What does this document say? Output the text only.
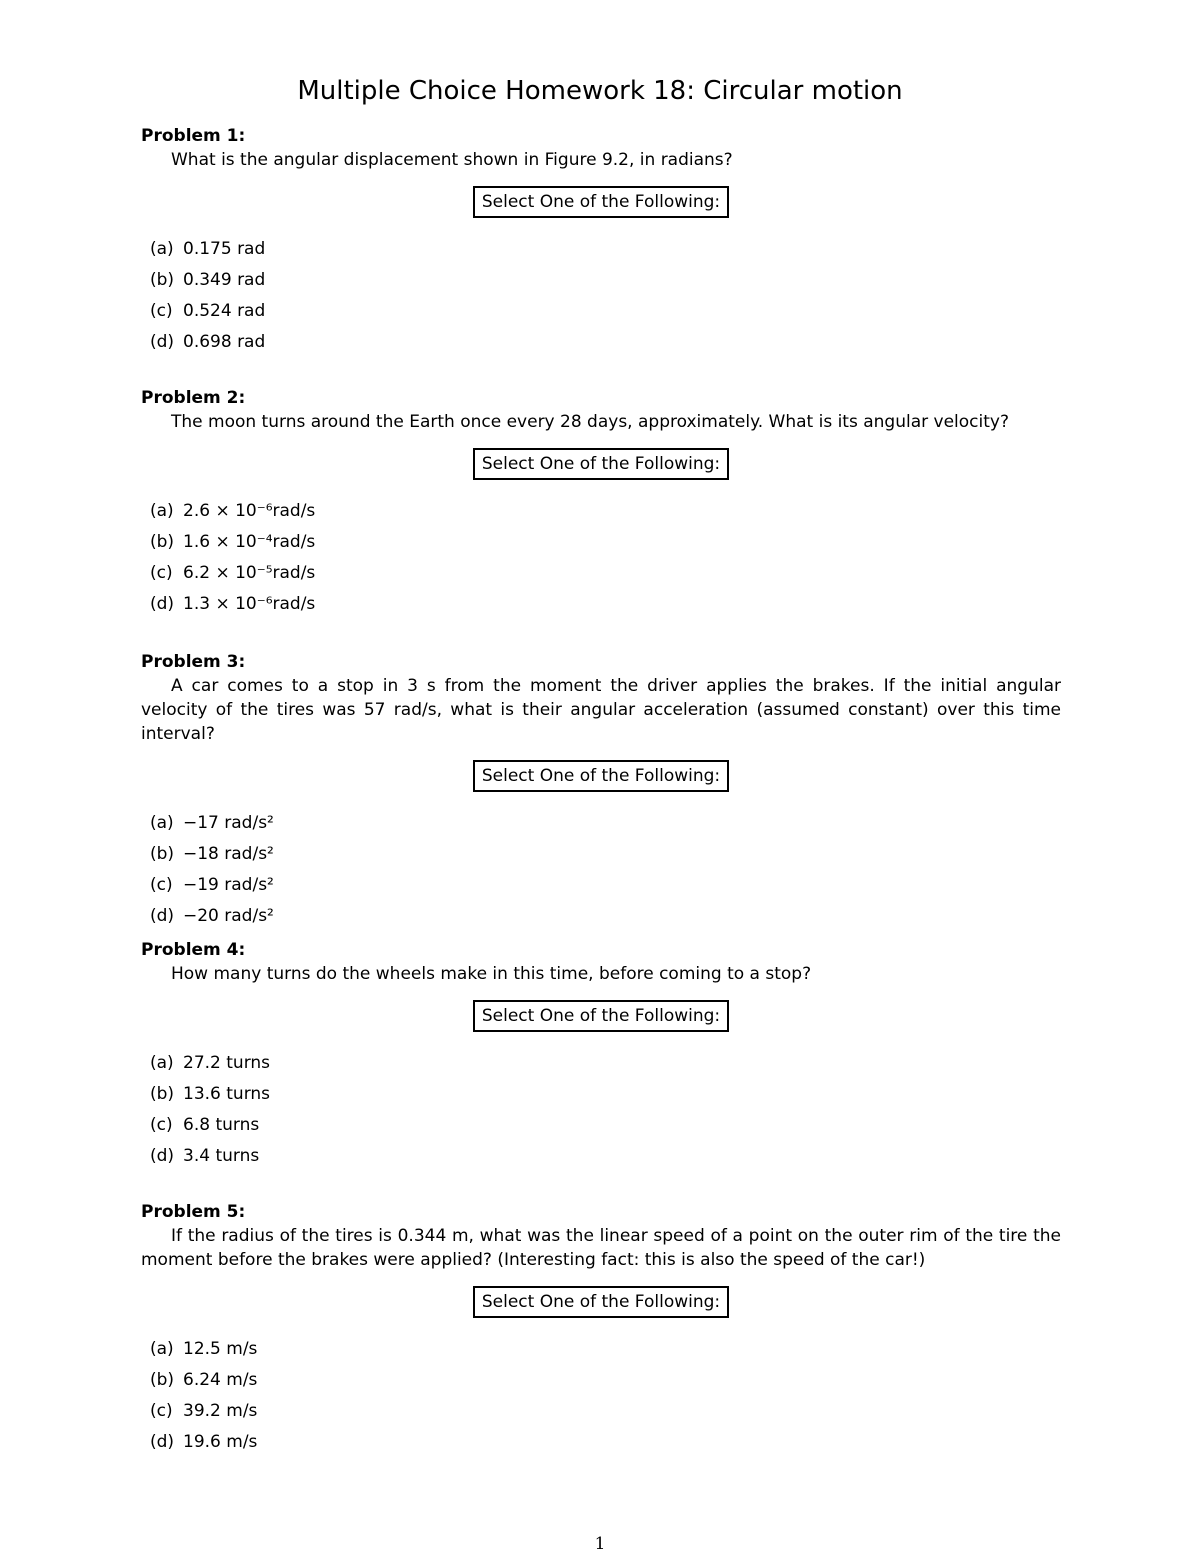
Multiple Choice Homework 18: Circular motion
Problem 1:

What is the angular displacement shown in Figure 9.2, in radians?

Select One of the Following:
(a) 0.175 rad
(b) 0.349 rad
(c) 0.524 rad
(d) 0.698 rad
Problem 2:

The moon turns around the Earth once every 28 days, approximately. What is its angular velocity?

Select One of the Following:
(a) 2.6 × 10⁻⁶rad/s
(b) 1.6 × 10⁻⁴rad/s
(c) 6.2 × 10⁻⁵rad/s
(d) 1.3 × 10⁻⁶rad/s
Problem 3:

A car comes to a stop in 3 s from the moment the driver applies the brakes. If the initial angular velocity of the tires was 57 rad/s, what is their angular acceleration (assumed constant) over this time interval?

Select One of the Following:
(a) −17 rad/s²
(b) −18 rad/s²
(c) −19 rad/s²
(d) −20 rad/s²
Problem 4:

How many turns do the wheels make in this time, before coming to a stop?

Select One of the Following:
(a) 27.2 turns
(b) 13.6 turns
(c) 6.8 turns
(d) 3.4 turns
Problem 5:

If the radius of the tires is 0.344 m, what was the linear speed of a point on the outer rim of the tire the moment before the brakes were applied? (Interesting fact: this is also the speed of the car!)

Select One of the Following:
(a) 12.5 m/s
(b) 6.24 m/s
(c) 39.2 m/s
(d) 19.6 m/s
1
